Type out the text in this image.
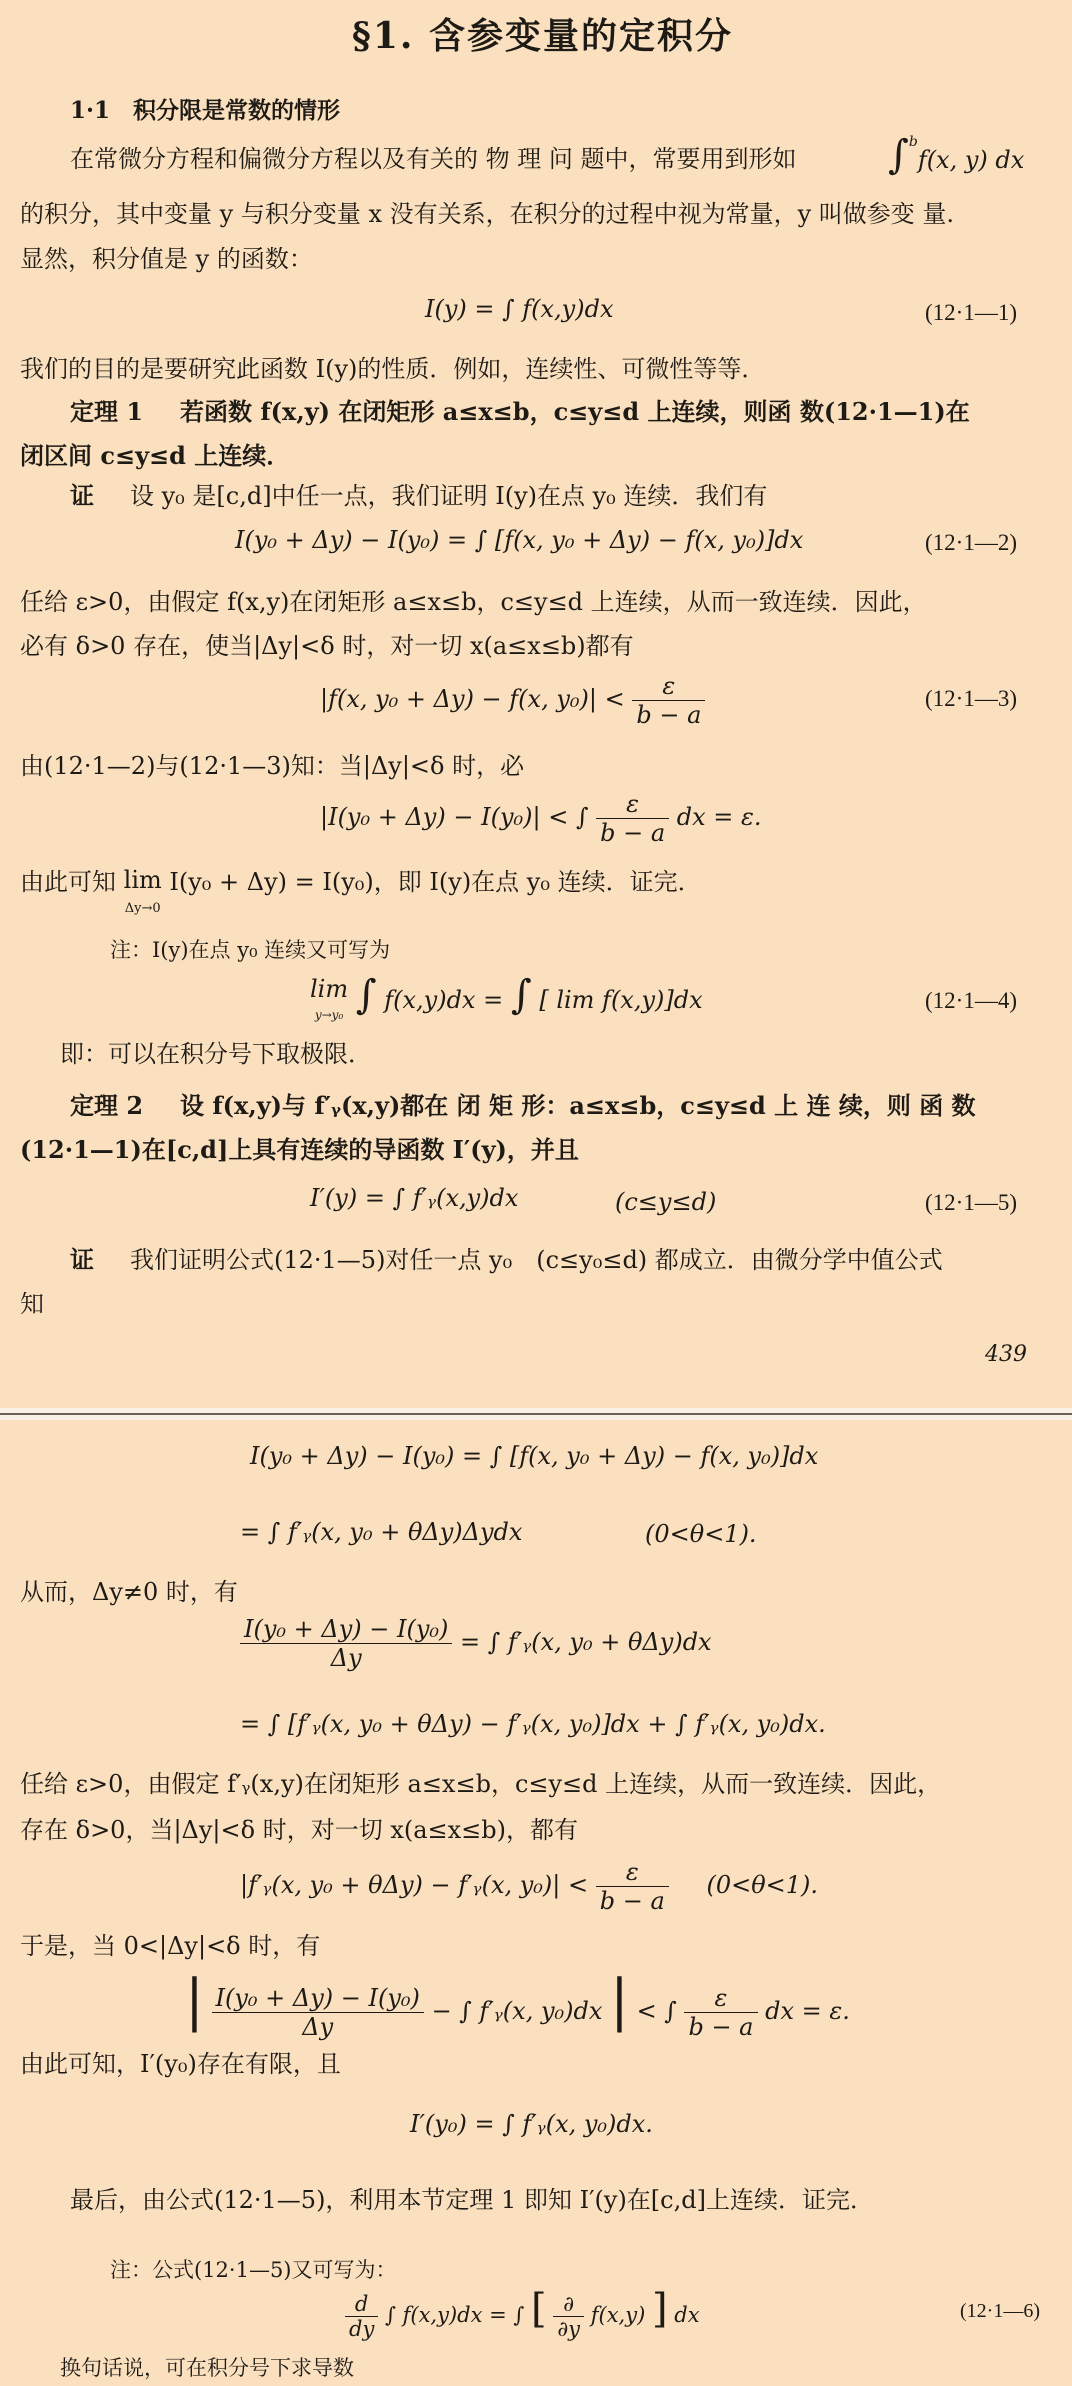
§1. 含参变量的定积分
1·1　积分限是常数的情形
在常微分方程和偏微分方程以及有关的 物 理 问 题中，常要用到形如 ∫$^b$f(x, y) dx
的积分，其中变量 y 与积分变量 x 没有关系，在积分的过程中视为常量，y 叫做参变 量.
显然，积分值是 y 的函数：
I(y) = ∫ f(x,y)dx	(12·1—1)
我们的目的是要研究此函数 I(y)的性质．例如，连续性、可微性等等．
定理 1 若函数 f(x,y) 在闭矩形 a≤x≤b，c≤y≤d 上连续，则函 数(12·1—1)在
闭区间 c≤y≤d 上连续．
证 设 y₀ 是[c,d]中任一点，我们证明 I(y)在点 y₀ 连续．我们有
I(y₀ + Δy) − I(y₀) = ∫ [f(x, y₀ + Δy) − f(x, y₀)]dx	(12·1—2)
任给 ε>0，由假定 f(x,y)在闭矩形 a≤x≤b，c≤y≤d 上连续，从而一致连续．因此，
必有 δ>0 存在，使当|Δy|<δ 时，对一切 x(a≤x≤b)都有
|f(x, y₀ + Δy) − f(x, $y_0)| < \frac{\varepsilon}{b - a}$	(12·1—3)
由(12·1—2)与(12·1—3)知：当|Δy|<δ 时，必
|I(y₀ + Δy) − I(y₀)| < ∫ $\frac{\varepsilon}{b - a}$ dx = ε.
由此可知 lim
Δy→0 I(y₀ + Δy) = I(y₀)，即 I(y)在点 y₀ 连续．证完．
注：I(y)在点 y₀ 连续又可写为
lim
y→y₀ ∫ f(x,y)dx = ∫ [ lim f(x,y)]dx	(12·1—4)
即：可以在积分号下取极限．
定理 2 设 f(x,y)与 f′ᵧ(x,y)都在 闭 矩 形：a≤x≤b，c≤y≤d 上 连 续，则 函 数
(12·1—1)在[c,d]上具有连续的导函数 I′(y)，并且
I′(y) = ∫ f′ᵧ(x,y)dx	(c≤y≤d)	(12·1—5)
证 我们证明公式(12·1—5)对任一点 y₀　(c≤y₀≤d) 都成立．由微分学中值公式
知
439
I(y₀ + Δy) − I(y₀) = ∫ [f(x, y₀ + Δy) − f(x, y₀)]dx
= ∫ f′ᵧ(x, y₀ + θΔy)Δydx	(0<θ<1).
从而，Δy≠0 时，有
$\frac{\text{I(y₀ + Δy) − I(y₀)}}{\Delta y}$ = ∫ f′ᵧ(x, y₀ + θΔy)dx
= ∫ [f′ᵧ(x, y₀ + θΔy) − f′ᵧ(x, y₀)]dx + ∫ f′ᵧ(x, y₀)dx.
任给 ε>0，由假定 f′ᵧ(x,y)在闭矩形 a≤x≤b，c≤y≤d 上连续，从而一致连续．因此，
存在 δ>0，当|Δy|<δ 时，对一切 x(a≤x≤b)，都有
|f′ᵧ(x, y₀ + θΔy) − f′ᵧ(x, $y_0)| < \frac{\varepsilon}{b - a} (0<\theta<1)$.
于是，当 0<|Δy|<δ 时，有
| $\frac{\text{I(y₀ + Δy) − I(y₀)}}{\Delta y}$ − ∫ f′ᵧ(x, y₀)dx | < ∫ $\frac{\varepsilon}{b - a}$ dx = ε.
由此可知，I′(y₀)存在有限，且
I′(y₀) = ∫ f′ᵧ(x, y₀)dx.
最后，由公式(12·1—5)，利用本节定理 1 即知 I′(y)在[c,d]上连续．证完．
注：公式(12·1—5)又可写为：
$\frac{d}{dy}$ ∫ f(x,y)dx = ∫ [ $\frac{\partial}{\partial y} f(x,y)$ ] dx	(12·1—6)
换句话说，可在积分号下求导数
